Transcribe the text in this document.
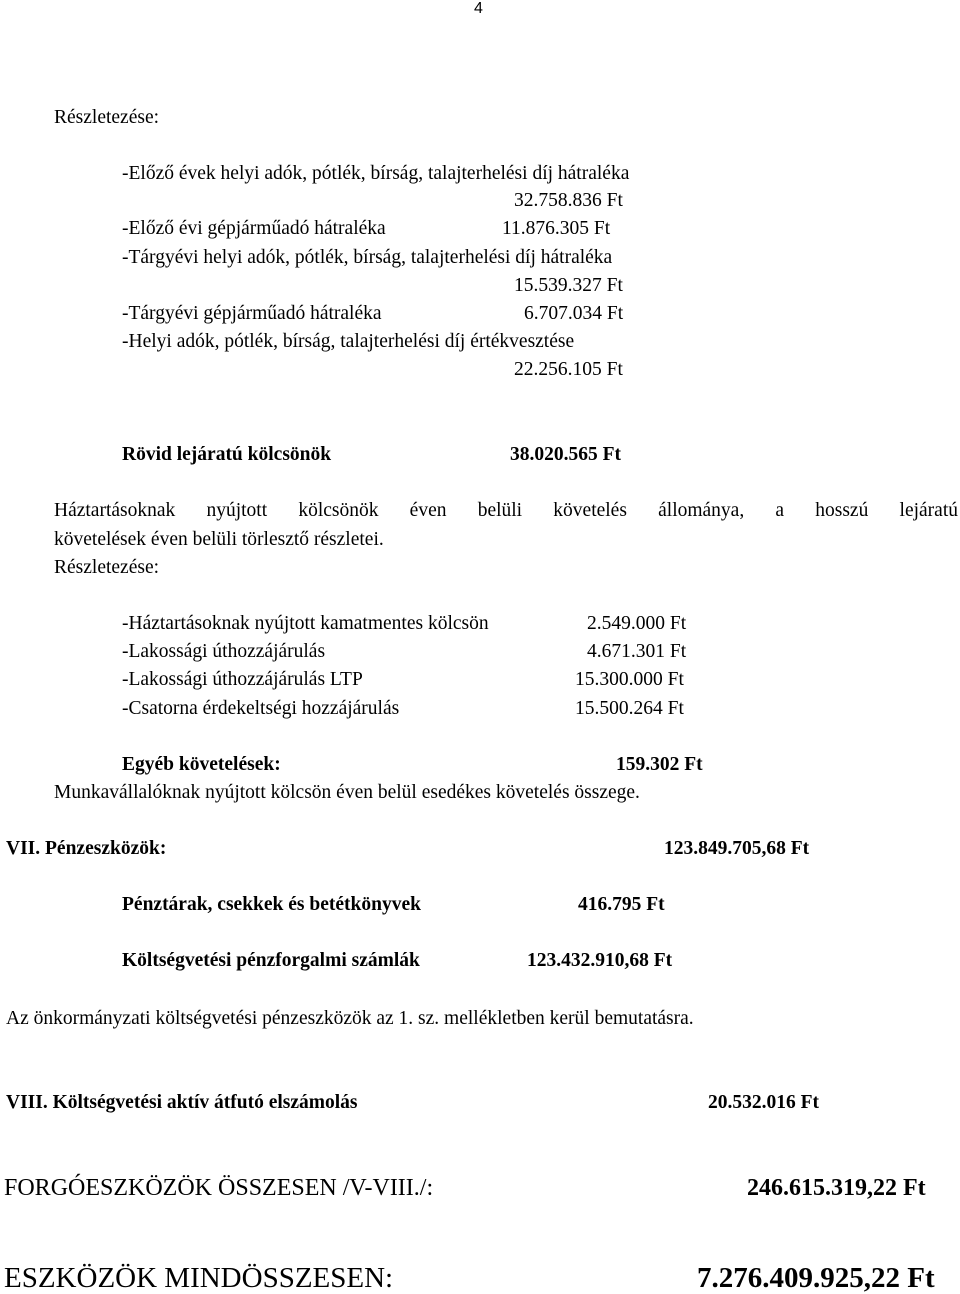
4
Részletezése:
-Előző évek helyi adók, pótlék, bírság, talajterhelési díj hátraléka
32.758.836 Ft
-Előző évi gépjárműadó hátraléka	11.876.305 Ft
-Tárgyévi helyi adók, pótlék, bírság, talajterhelési díj hátraléka
15.539.327 Ft
-Tárgyévi gépjárműadó hátraléka	6.707.034 Ft
-Helyi adók, pótlék, bírság, talajterhelési díj értékvesztése
22.256.105 Ft
Rövid lejáratú kölcsönök	38.020.565 Ft
Háztartásoknak nyújtott kölcsönök éven belüli követelés állománya, a hosszú lejáratú
követelések éven belüli törlesztő részletei.
Részletezése:
-Háztartásoknak nyújtott kamatmentes kölcsön	2.549.000 Ft
-Lakossági úthozzájárulás	4.671.301 Ft
-Lakossági úthozzájárulás LTP	15.300.000 Ft
-Csatorna érdekeltségi hozzájárulás	15.500.264 Ft
Egyéb követelések:	159.302 Ft
Munkavállalóknak nyújtott kölcsön éven belül esedékes követelés összege.
VII. Pénzeszközök:	123.849.705,68 Ft
Pénztárak, csekkek és betétkönyvek	416.795 Ft
Költségvetési pénzforgalmi számlák	123.432.910,68 Ft
Az önkormányzati költségvetési pénzeszközök az 1. sz. mellékletben kerül bemutatásra.
VIII. Költségvetési aktív átfutó elszámolás	20.532.016 Ft
FORGÓESZKÖZÖK ÖSSZESEN /V-VIII./:	246.615.319,22 Ft
ESZKÖZÖK MINDÖSSZESEN:	7.276.409.925,22 Ft
